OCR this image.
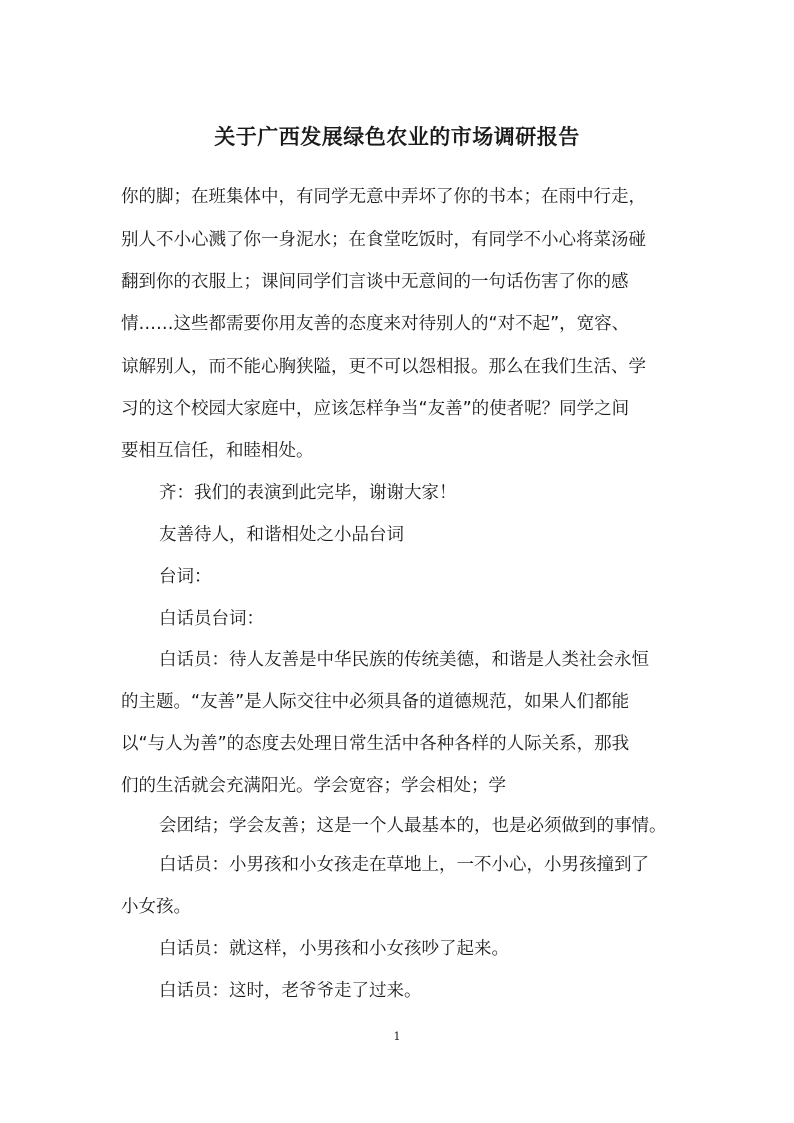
关于广西发展绿色农业的市场调研报告
你的脚；在班集体中，有同学无意中弄坏了你的书本；在雨中行走，
别人不小心溅了你一身泥水；在食堂吃饭时，有同学不小心将菜汤碰
翻到你的衣服上；课间同学们言谈中无意间的一句话伤害了你的感
情……这些都需要你用友善的态度来对待别人的“对不起”，宽容、
谅解别人，而不能心胸狭隘，更不可以怨相报。那么在我们生活、学
习的这个校园大家庭中，应该怎样争当“友善”的使者呢？同学之间
要相互信任，和睦相处。
齐：我们的表演到此完毕，谢谢大家！
友善待人，和谐相处之小品台词
台词：
白话员台词：
白话员：待人友善是中华民族的传统美德，和谐是人类社会永恒
的主题。“友善”是人际交往中必须具备的道德规范，如果人们都能
以“与人为善”的态度去处理日常生活中各种各样的人际关系，那我
们的生活就会充满阳光。学会宽容；学会相处；学
会团结；学会友善；这是一个人最基本的，也是必须做到的事情。
白话员：小男孩和小女孩走在草地上，一不小心，小男孩撞到了
小女孩。
白话员：就这样，小男孩和小女孩吵了起来。
白话员：这时，老爷爷走了过来。
1
